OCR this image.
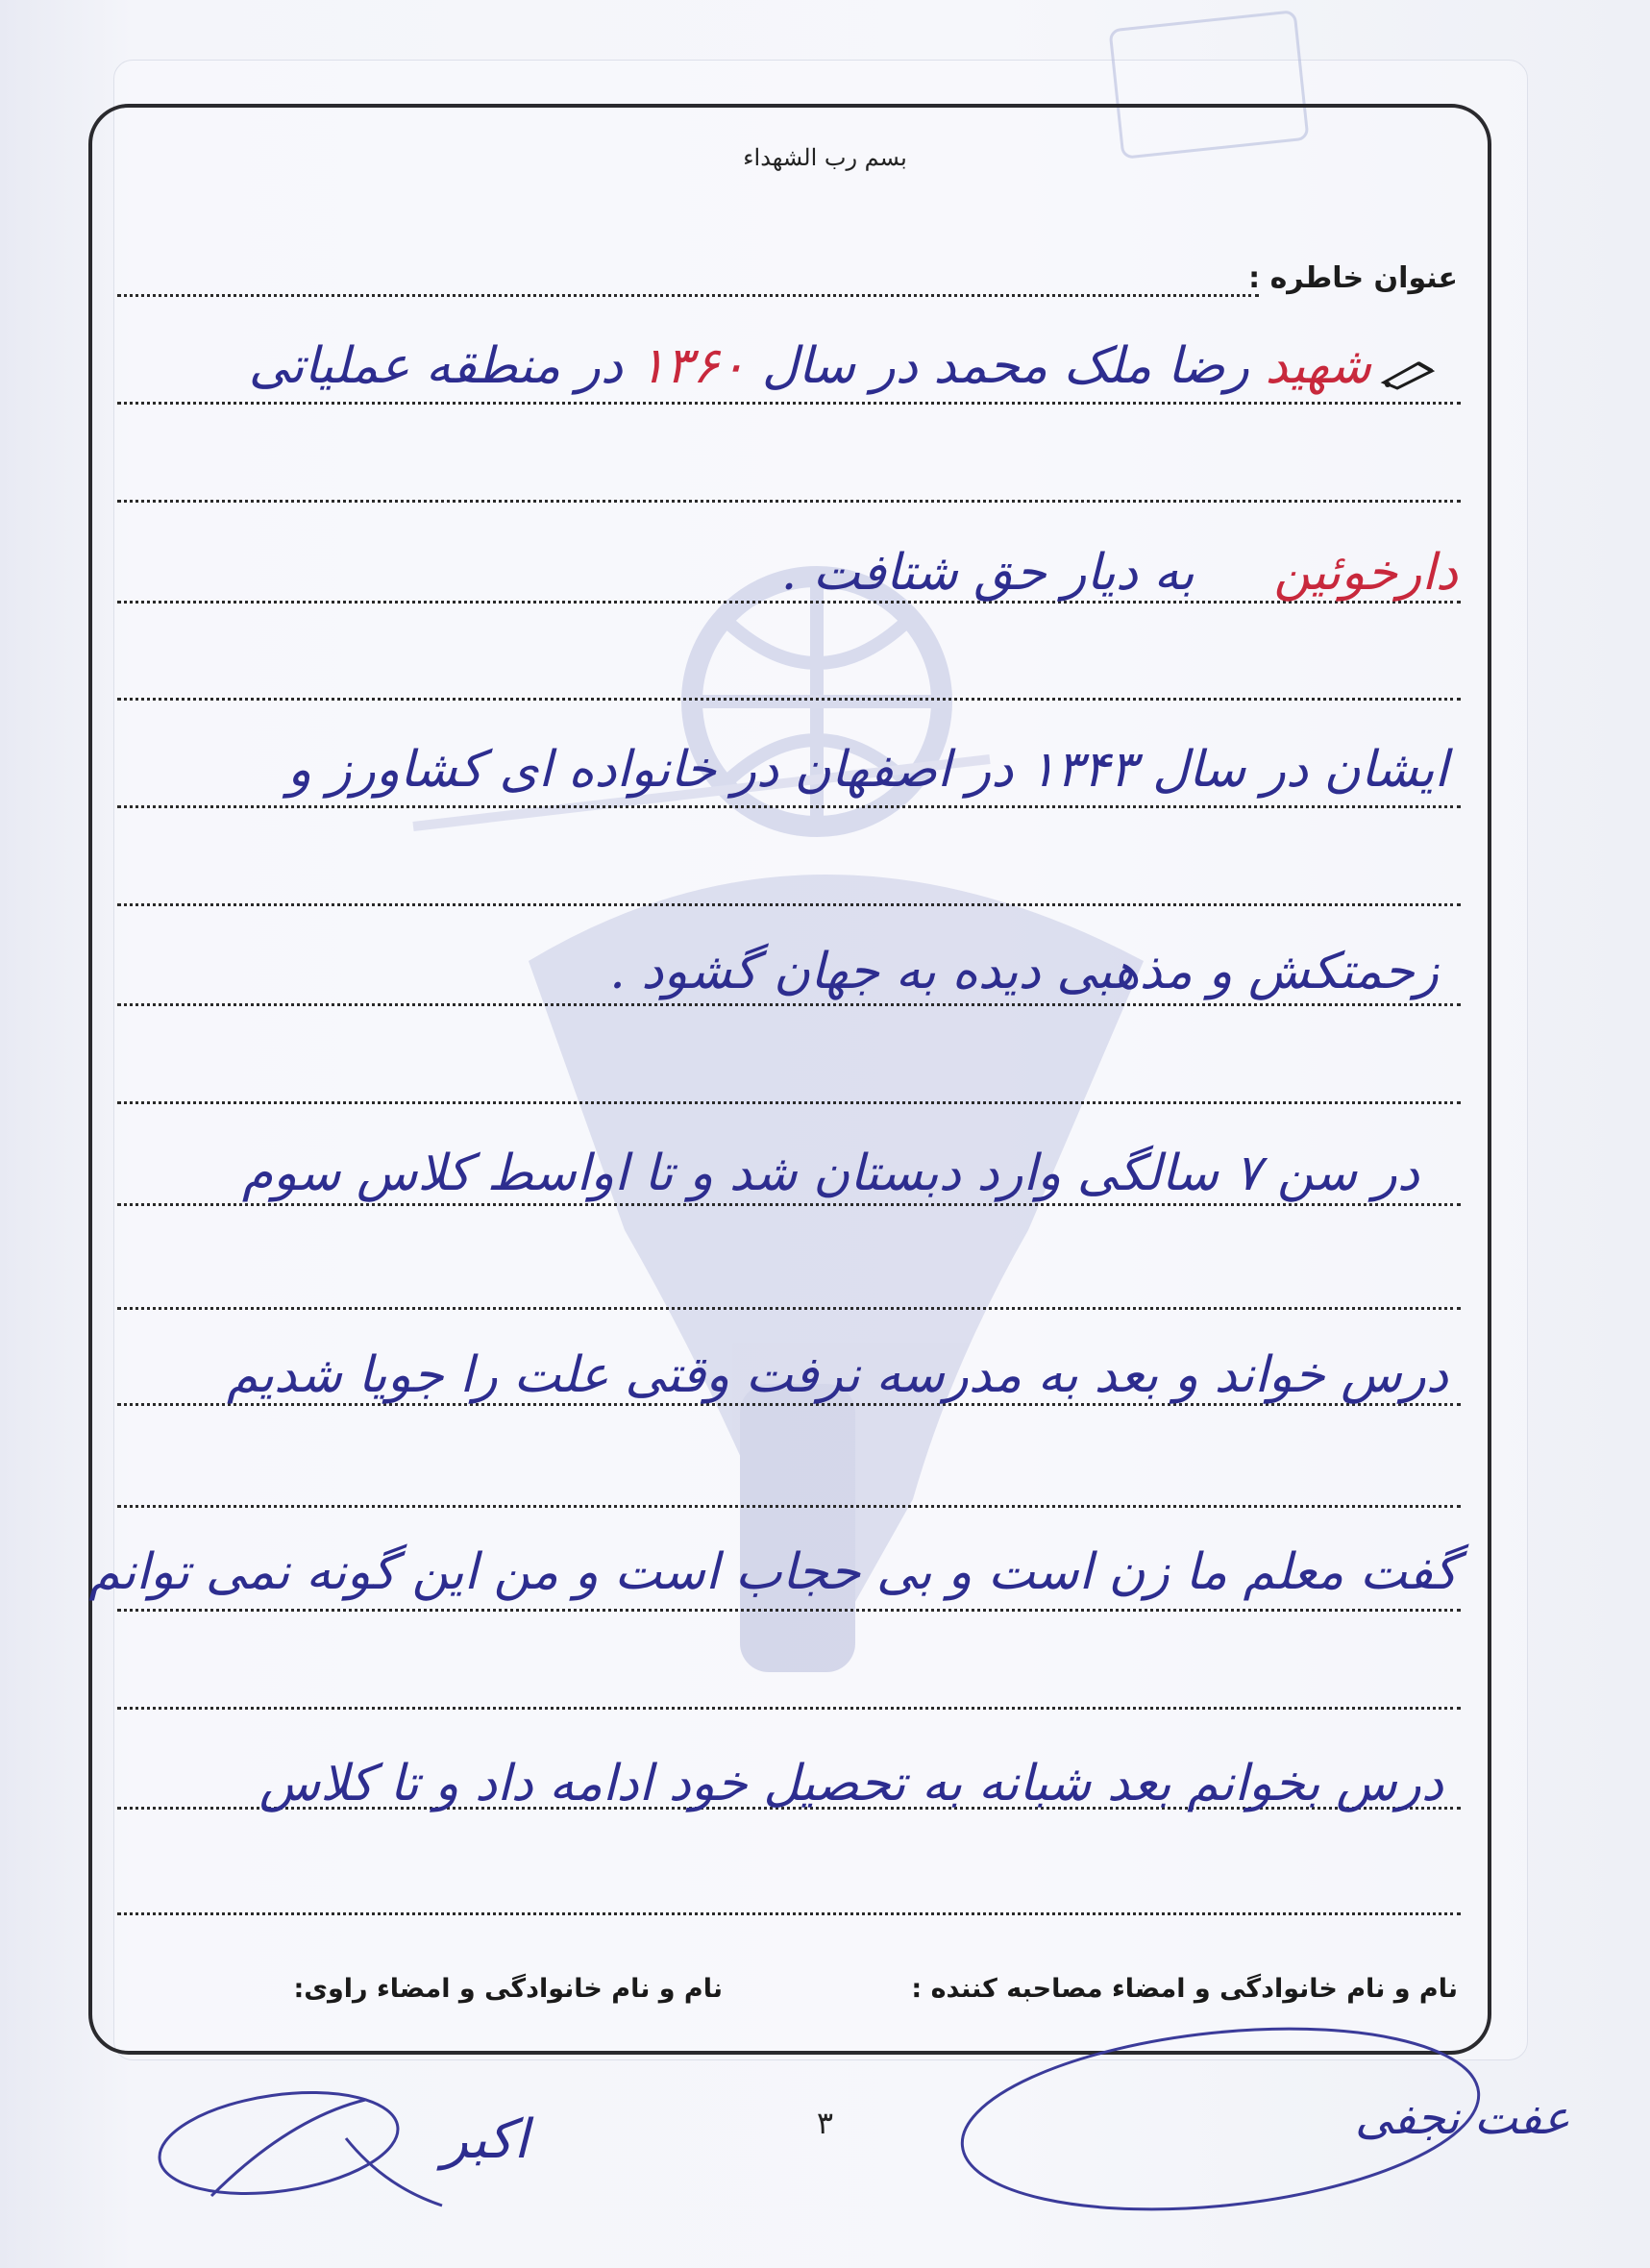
بسم رب الشهداء
عنوان خاطره :
شهید رضا ملک محمد در سال ۱۳۶۰ در منطقه عملیاتی
دارخوئین     به دیار حق شتافت .
ایشان در سال ۱۳۴۳ در اصفهان در خانواده ای کشاورز و
زحمتکش و مذهبی دیده به جهان گشود .
در سن ۷ سالگی وارد دبستان شد و تا اواسط کلاس سوم
درس خواند و بعد به مدرسه نرفت وقتی علت را جویا شدیم
گفت معلم ما زن است و بی حجاب است و من این گونه نمی توانم
درس بخوانم بعد شبانه به تحصیل خود ادامه داد و تا کلاس
نام و نام خانوادگی و امضاء مصاحبه کننده :
نام و نام خانوادگی و امضاء راوی:
عفت نجفی
اکبر	۳
